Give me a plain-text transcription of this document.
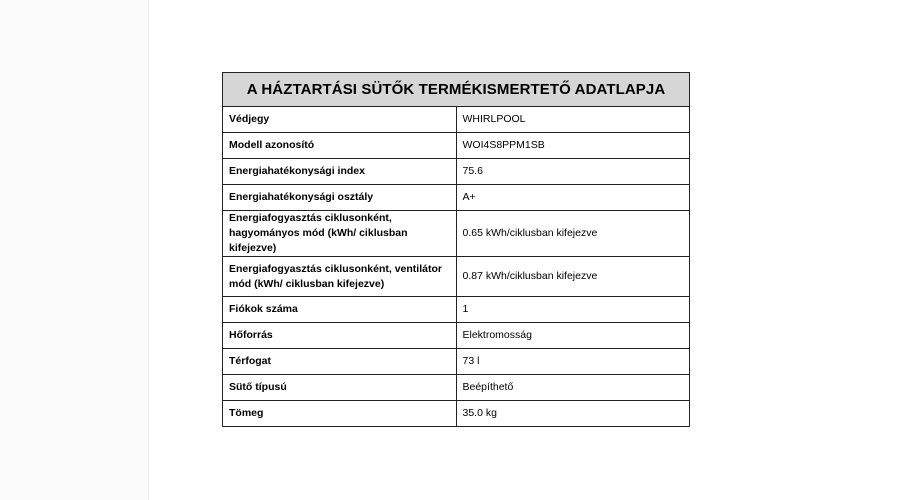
A HÁZTARTÁSI SÜTŐK TERMÉKISMERTETŐ ADATLAPJA	
Védjegy	WHIRLPOOL
Modell azonosító	WOI4S8PPM1SB
Energiahatékonysági index	75.6
Energiahatékonysági osztály	A+
Energiafogyasztás ciklusonként, hagyományos mód (kWh/ ciklusban kifejezve)	0.65 kWh/ciklusban kifejezve
Energiafogyasztás ciklusonként, ventilátor mód (kWh/ ciklusban kifejezve)	0.87 kWh/ciklusban kifejezve
Fiókok száma	1
Hőforrás	Elektromosság
Térfogat	73 l
Sütő típusú	Beépíthető
Tömeg	35.0 kg
